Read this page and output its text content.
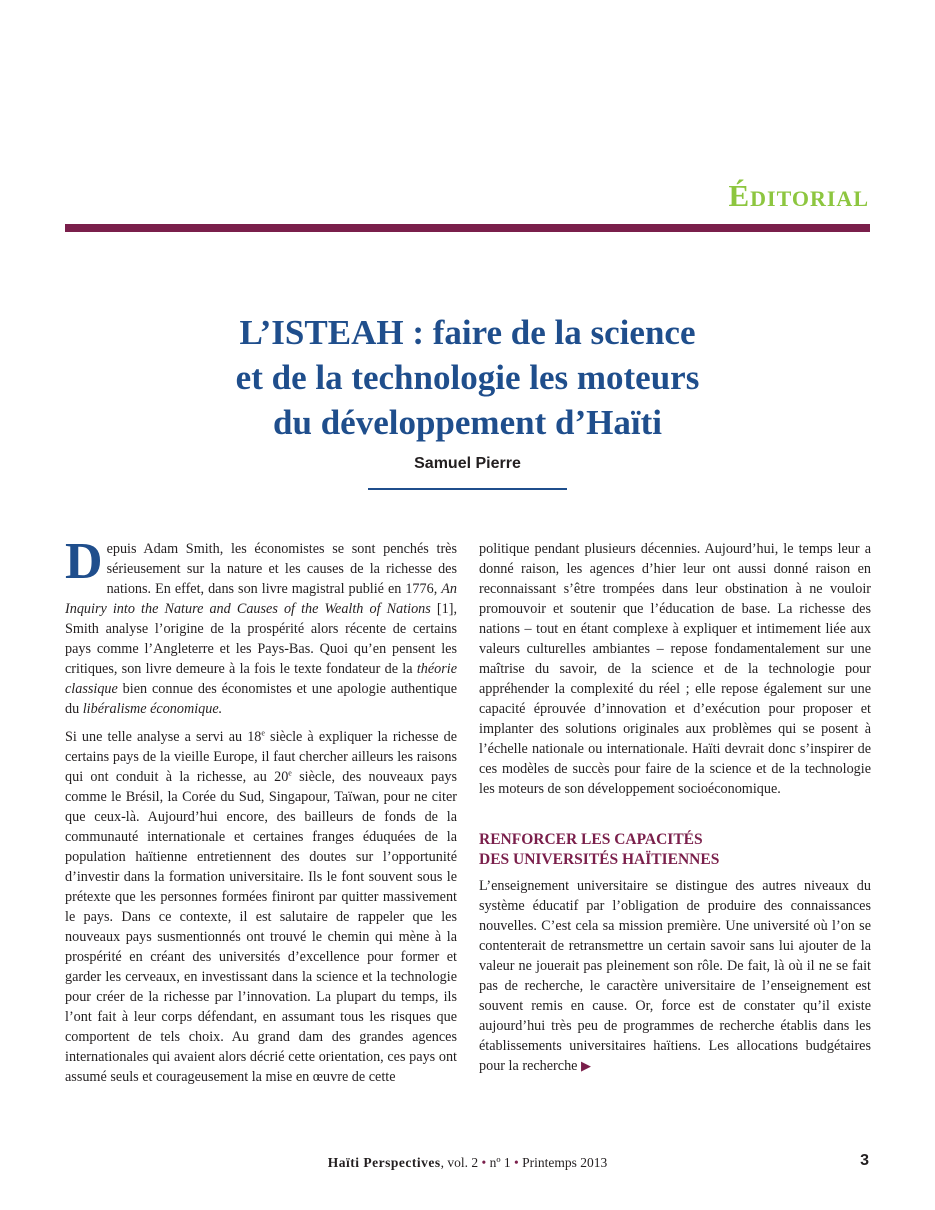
Éditorial
L’ISTEAH : faire de la science
et de la technologie les moteurs
du développement d’Haïti
Samuel Pierre

Depuis Adam Smith, les économistes se sont penchés très sérieusement sur la nature et les causes de la richesse des nations. En effet, dans son livre magistral publié en 1776, An Inquiry into the Nature and Causes of the Wealth of Nations [1], Smith analyse l’origine de la prospérité alors récente de certains pays comme l’Angleterre et les Pays-Bas. Quoi qu’en pensent les critiques, son livre demeure à la fois le texte fondateur de la théorie classique bien connue des économistes et une apologie authentique du libéralisme économique.

Si une telle analyse a servi au 18e siècle à expliquer la richesse de certains pays de la vieille Europe, il faut chercher ailleurs les raisons qui ont conduit à la richesse, au 20e siècle, des nouveaux pays comme le Brésil, la Corée du Sud, Singapour, Taïwan, pour ne citer que ceux-là. Aujourd’hui encore, des bailleurs de fonds de la communauté internationale et certaines franges éduquées de la population haïtienne entretiennent des doutes sur l’opportunité d’investir dans la formation universitaire. Ils le font souvent sous le prétexte que les personnes formées finiront par quitter massivement le pays. Dans ce contexte, il est salutaire de rappeler que les nouveaux pays susmentionnés ont trouvé le chemin qui mène à la prospérité en créant des universités d’excellence pour former et garder les cerveaux, en investissant dans la science et la technologie pour créer de la richesse par l’innovation. La plupart du temps, ils l’ont fait à leur corps défendant, en assumant tous les risques que comportent de tels choix. Au grand dam des grandes agences internationales qui avaient alors décrié cette orientation, ces pays ont assumé seuls et courageusement la mise en œuvre de cette

politique pendant plusieurs décennies. Aujourd’hui, le temps leur a donné raison, les agences d’hier leur ont aussi donné raison en reconnaissant s’être trompées dans leur obstination à ne vouloir promouvoir et soutenir que l’éducation de base. La richesse des nations – tout en étant complexe à expliquer et intimement liée aux valeurs culturelles ambiantes – repose fondamentalement sur une maîtrise du savoir, de la science et de la technologie pour appréhender la complexité du réel ; elle repose également sur une capacité éprouvée d’innovation et d’exécution pour proposer et implanter des solutions originales aux problèmes qui se posent à l’échelle nationale ou internationale. Haïti devrait donc s’inspirer de ces modèles de succès pour faire de la science et de la technologie les moteurs de son développement socioéconomique.

RENFORCER LES CAPACITÉS
DES UNIVERSITÉS HAÏTIENNES

L’enseignement universitaire se distingue des autres niveaux du système éducatif par l’obligation de produire des connaissances nouvelles. C’est cela sa mission première. Une université où l’on se contenterait de retransmettre un certain savoir sans lui ajouter de la valeur ne jouerait pas pleinement son rôle. De fait, là où il ne se fait pas de recherche, le caractère universitaire de l’enseignement est souvent remis en cause. Or, force est de constater qu’il existe aujourd’hui très peu de programmes de recherche établis dans les établissements universitaires haïtiens. Les allocations budgétaires pour la recherche ▶

Haïti Perspectives, vol. 2 • nº 1 • Printemps 2013	3
